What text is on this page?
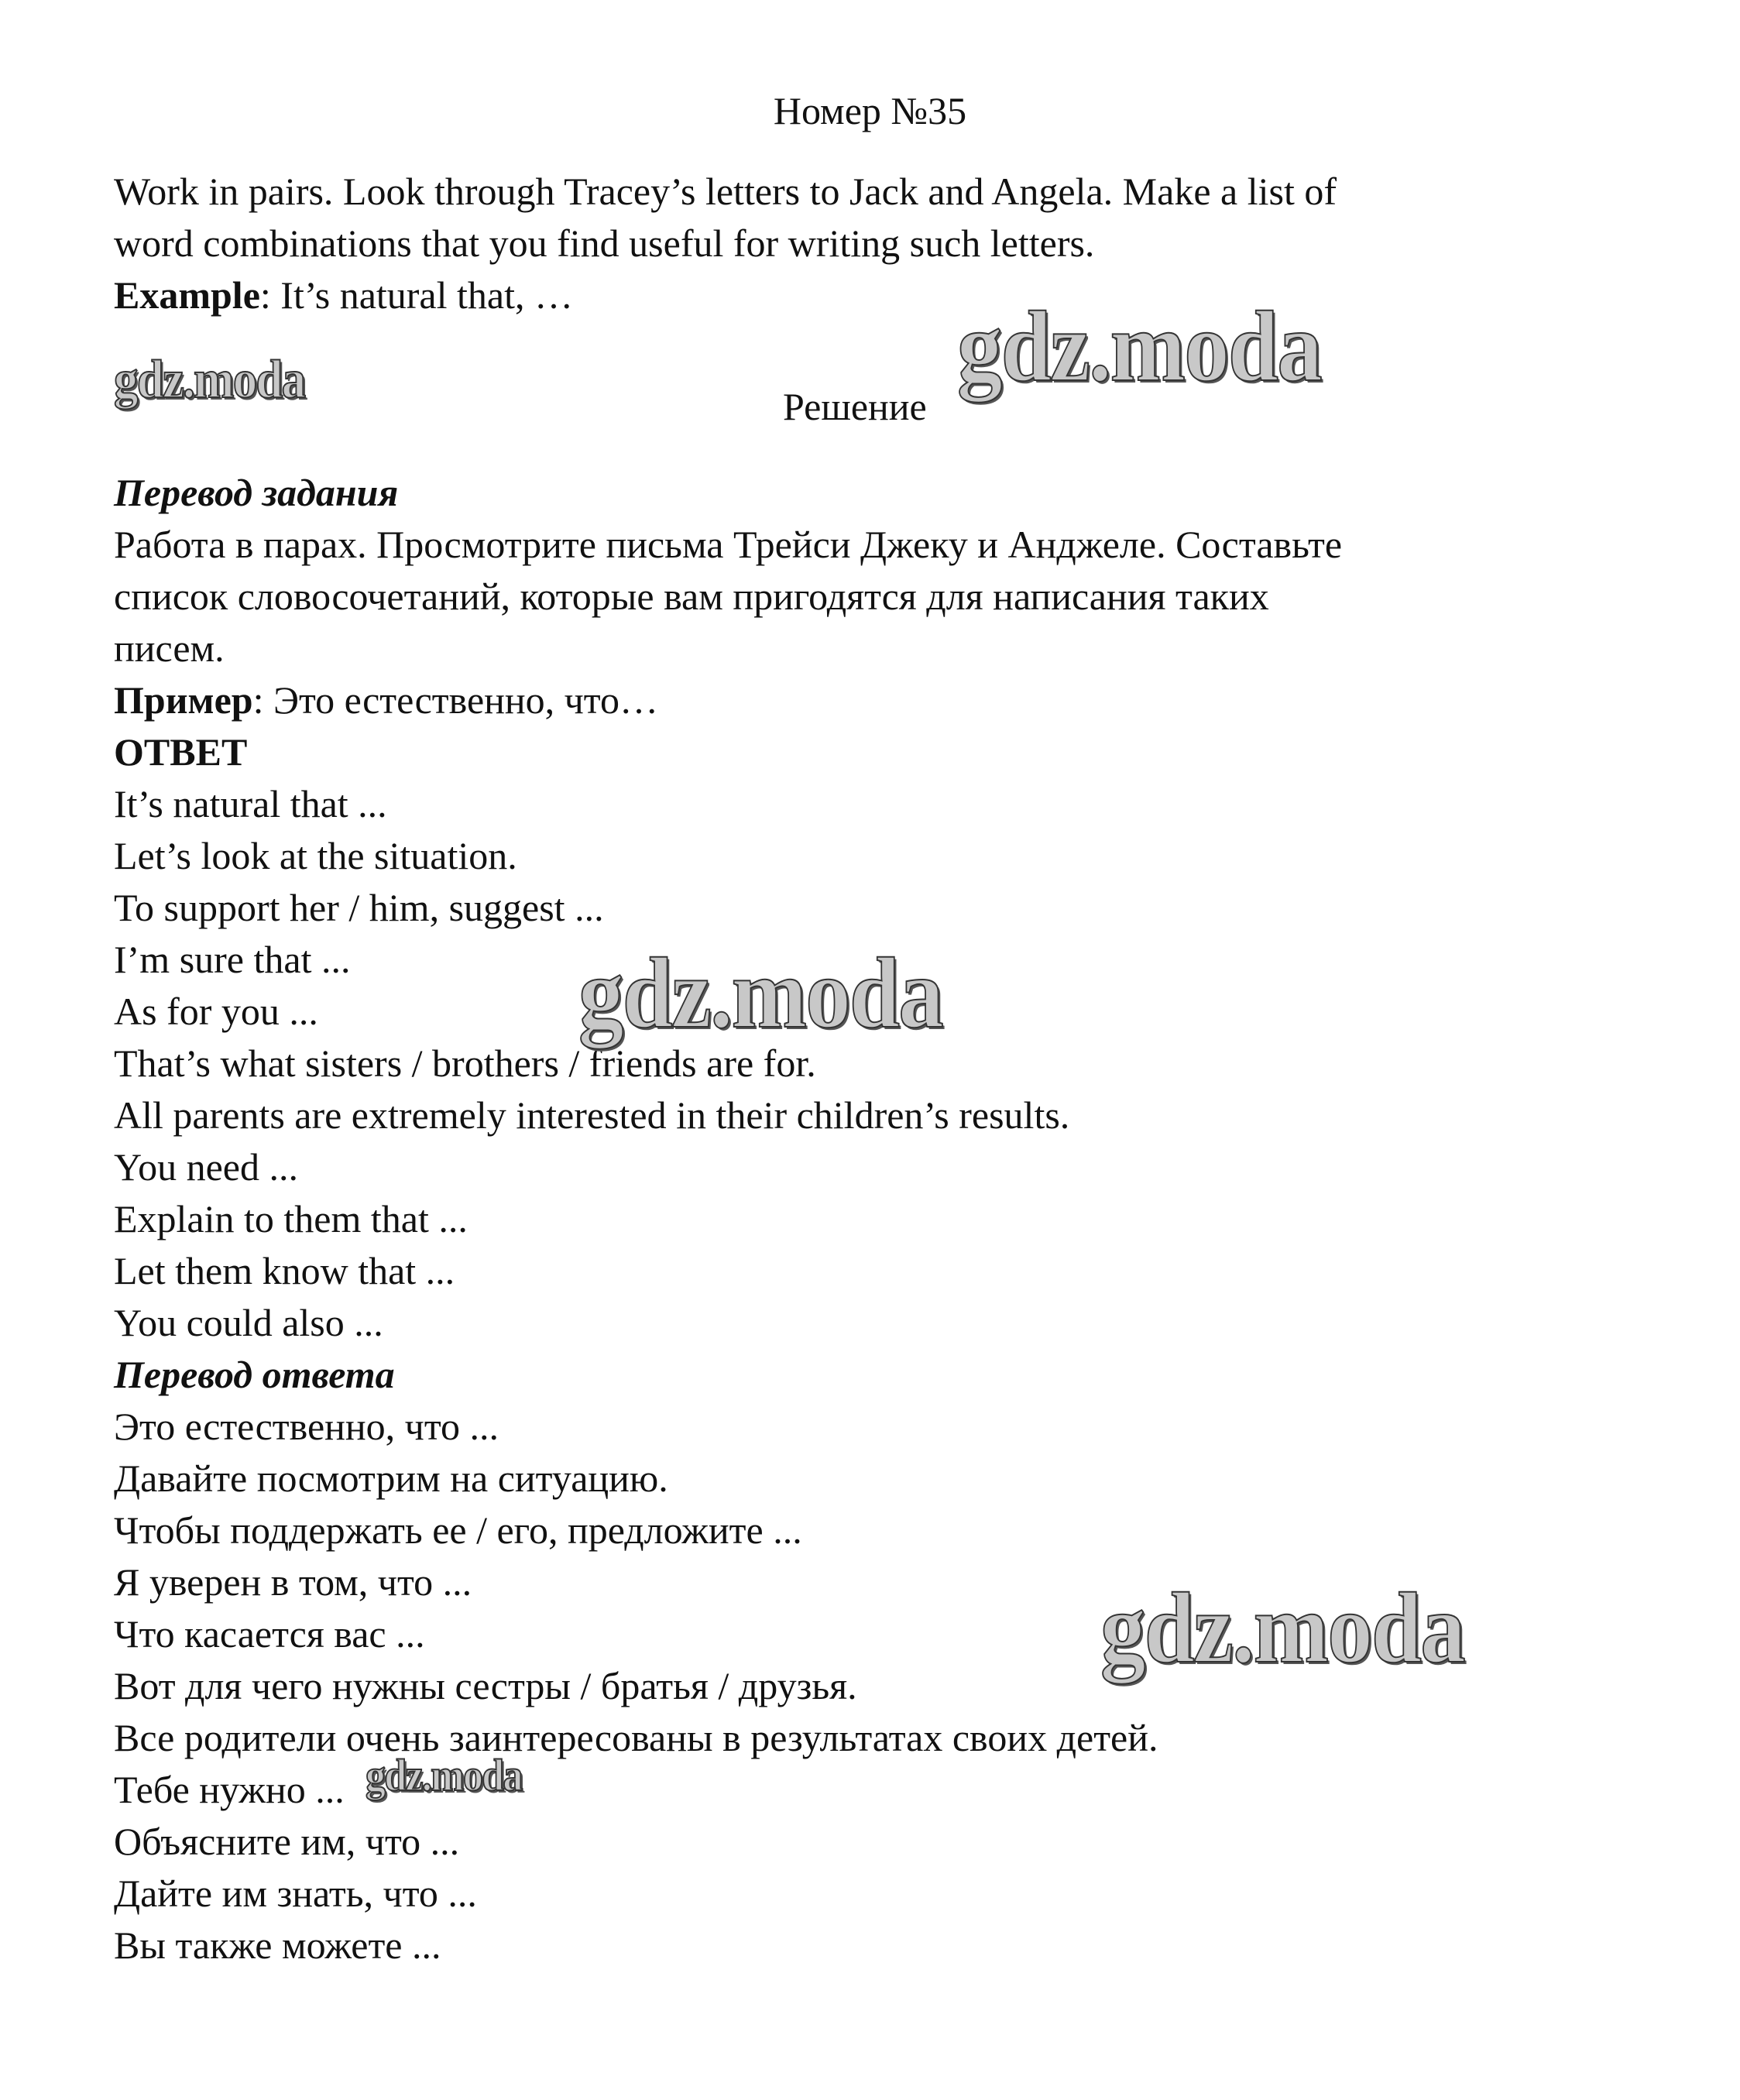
Номер №35
Work in pairs. Look through Tracey’s letters to Jack and Angela. Make a list of
word combinations that you find useful for writing such letters.
Example: It’s natural that, …
Решение
Перевод задания
Работа в парах. Просмотрите письма Трейси Джеку и Анджеле. Составьте
список словосочетаний, которые вам пригодятся для написания таких
писем.
Пример: Это естественно, что…
ОТВЕТ
It’s natural that ...
Let’s look at the situation.
To support her / him, suggest ...
I’m sure that ...
As for you ...
That’s what sisters / brothers / friends are for.
All parents are extremely interested in their children’s results.
You need ...
Explain to them that ...
Let them know that ...
You could also ...
Перевод ответа
Это естественно, что ...
Давайте посмотрим на ситуацию.
Чтобы поддержать ее / его, предложите ...
Я уверен в том, что ...
Что касается вас ...
Вот для чего нужны сестры / братья / друзья.
Все родители очень заинтересованы в результатах своих детей.
Тебе нужно ...
Объясните им, что ...
Дайте им знать, что ...
Вы также можете ...
gdz.moda	gdz.moda
gdz.moda
gdz.moda
gdz.moda
